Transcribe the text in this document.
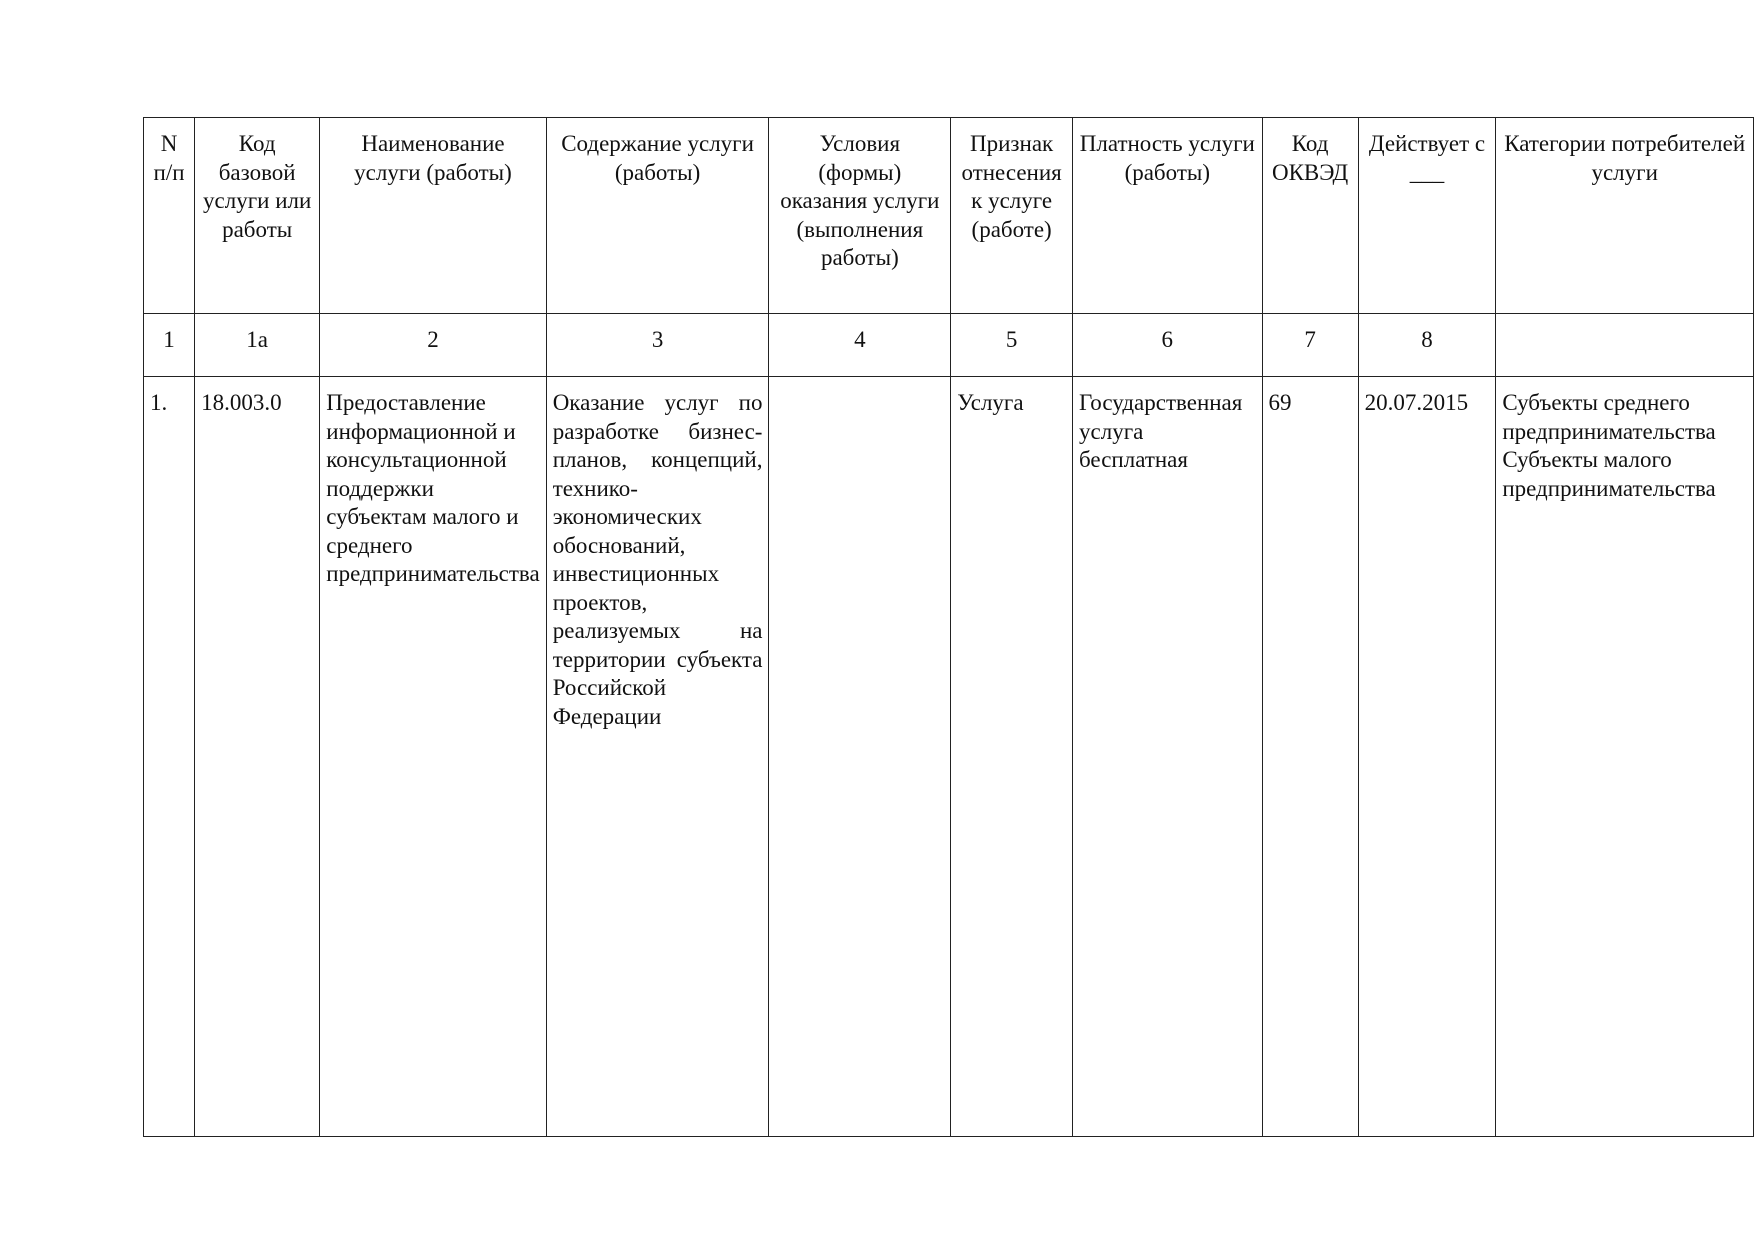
N п/п	Код базовой услуги или работы	Наименование услуги (работы)	Содержание услуги (работы)	Условия (формы) оказания услуги (выполнения работы)	Признак отнесения к услуге (работе)	Платность услуги (работы)	Код ОКВЭД	Действует с ___	Категории потребителей услуги
1	1а	2	3	4	5	6	7	8	
1.	18.003.0	Предоставление информационной и консультационной поддержки субъектам малого и среднего предпринимательства	Оказание услуг по разработке бизнес-планов, концепций, технико-экономических обоснований, инвестиционных проектов, реализуемых на территории субъекта Российской Федерации		Услуга	Государственная услуга бесплатная	69	20.07.2015	Субъекты среднего
предпринимательства
Субъекты малого
предпринимательства
